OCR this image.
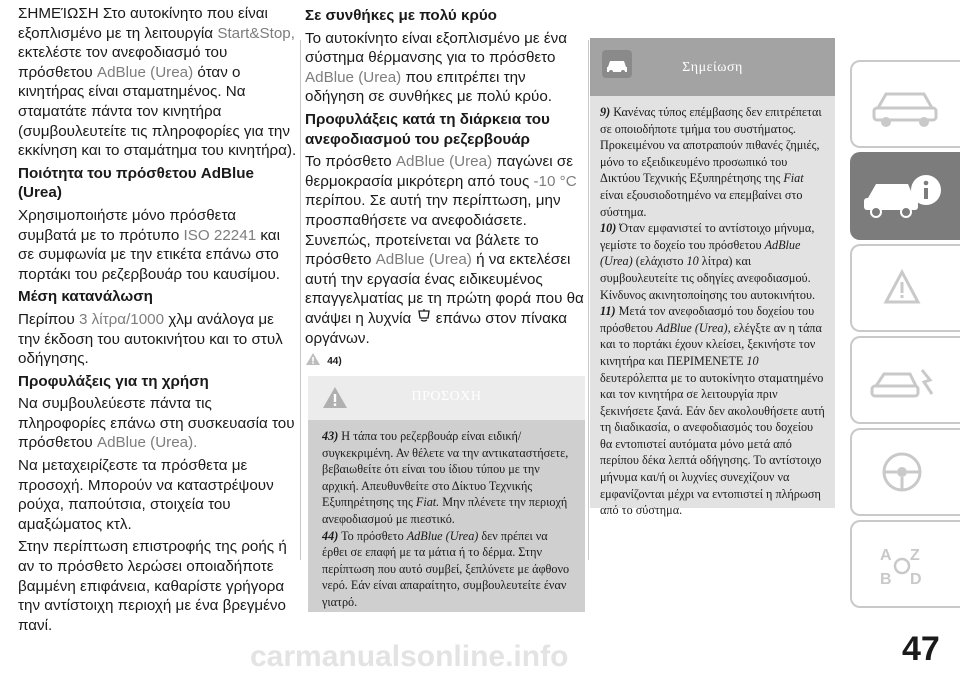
ΣΗΜΕΊΩΣΗ Στο αυτοκίνητο που είναι εξοπλισμένο με τη λειτουργία Start&Stop, εκτελέστε τον ανεφοδιασμό του πρόσθετου AdBlue (Urea) όταν ο κινητήρας είναι σταματημένος. Να σταματάτε πάντα τον κινητήρα (συμβουλευτείτε τις πληροφορίες για την εκκίνηση και το σταμάτημα του κινητήρα).

Ποιότητα του πρόσθετου AdBlue (Urea)

Χρησιμοποιήστε μόνο πρόσθετα συμβατά με το πρότυπο ISO 22241 και σε συμφωνία με την ετικέτα επάνω στο πορτάκι του ρεζερβουάρ του καυσίμου.

Μέση κατανάλωση

Περίπου 3 λίτρα/1000 χλμ ανάλογα με την έκδοση του αυτοκινήτου και το στυλ οδήγησης.

Προφυλάξεις για τη χρήση

Να συμβουλεύεστε πάντα τις πληροφορίες επάνω στη συσκευασία του πρόσθετου AdBlue (Urea).

Να μεταχειρίζεστε τα πρόσθετα με προσοχή. Μπορούν να καταστρέψουν ρούχα, παπούτσια, στοιχεία του αμαξώματος κτλ.

Στην περίπτωση επιστροφής της ροής ή αν το πρόσθετο λερώσει οποιαδήποτε βαμμένη επιφάνεια, καθαρίστε γρήγορα την αντίστοιχη περιοχή με ένα βρεγμένο πανί.

Σε συνθήκες με πολύ κρύο

Το αυτοκίνητο είναι εξοπλισμένο με ένα σύστημα θέρμανσης για το πρόσθετο AdBlue (Urea) που επιτρέπει την οδήγηση σε συνθήκες με πολύ κρύο.

Προφυλάξεις κατά τη διάρκεια του ανεφοδιασμού του ρεζερβουάρ

Το πρόσθετο AdBlue (Urea) παγώνει σε θερμοκρασία μικρότερη από τους -10 °C περίπου. Σε αυτή την περίπτωση, μην προσπαθήσετε να ανεφοδιάσετε. Συνεπώς, προτείνεται να βάλετε το πρόσθετο AdBlue (Urea) ή να εκτελέσει αυτή την εργασία ένας ειδικευμένος επαγγελματίας με τη πρώτη φορά που θα ανάψει η λυχνία επάνω στον πίνακα οργάνων.

44)
ΠΡΟΣΟΧΗ
43) Η τάπα του ρεζερβουάρ είναι ειδική/συγκεκριμένη. Αν θέλετε να την αντικαταστήσετε, βεβαιωθείτε ότι είναι του ίδιου τύπου με την αρχική. Απευθυνθείτε στο Δίκτυο Τεχνικής Εξυπηρέτησης της Fiat. Μην πλένετε την περιοχή ανεφοδιασμού με πιεστικό.
44) Το πρόσθετο AdBlue (Urea) δεν πρέπει να έρθει σε επαφή με τα μάτια ή το δέρμα. Στην περίπτωση που αυτό συμβεί, ξεπλύνετε με άφθονο νερό. Εάν είναι απαραίτητο, συμβουλευτείτε έναν γιατρό.
Σημείωση
9) Κανένας τύπος επέμβασης δεν επιτρέπεται σε οποιοδήποτε τμήμα του συστήματος. Προκειμένου να αποτραπούν πιθανές ζημιές, μόνο το εξειδικευμένο προσωπικό του Δικτύου Τεχνικής Εξυπηρέτησης της Fiat είναι εξουσιοδοτημένο να επεμβαίνει στο σύστημα.
10) Όταν εμφανιστεί το αντίστοιχο μήνυμα, γεμίστε το δοχείο του πρόσθετου AdBlue (Urea) (ελάχιστο 10 λίτρα) και συμβουλευτείτε τις οδηγίες ανεφοδιασμού. Κίνδυνος ακινητοποίησης του αυτοκινήτου.
11) Μετά τον ανεφοδιασμό του δοχείου του πρόσθετου AdBlue (Urea), ελέγξτε αν η τάπα και το πορτάκι έχουν κλείσει, ξεκινήστε τον κινητήρα και ΠΕΡΙΜΕΝΕΤΕ 10 δευτερόλεπτα με το αυτοκίνητο σταματημένο και τον κινητήρα σε λειτουργία πριν ξεκινήσετε ξανά. Εάν δεν ακολουθήσετε αυτή τη διαδικασία, ο ανεφοδιασμός του δοχείου θα εντοπιστεί αυτόματα μόνο μετά από περίπου δέκα λεπτά οδήγησης. Το αντίστοιχο μήνυμα και/ή οι λυχνίες συνεχίζουν να εμφανίζονται μέχρι να εντοπιστεί η πλήρωση από το σύστημα.
A Z
B D
carmanualsonline.info	47
